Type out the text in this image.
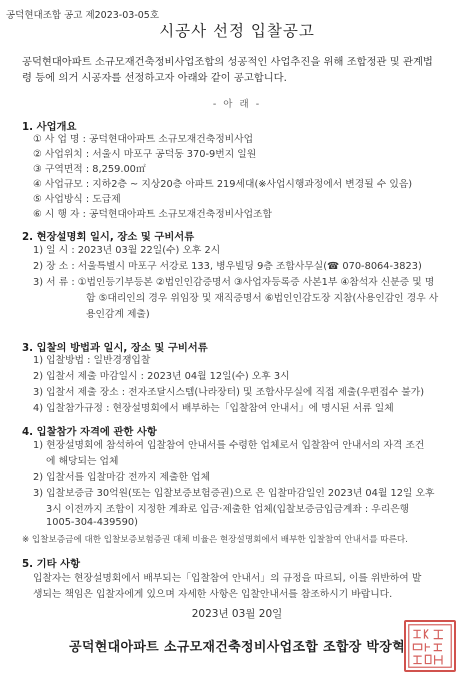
공덕현대조합 공고 제2023-03-05호
시공사 선정 입찰공고
공덕현대아파트 소규모재건축정비사업조합의 성공적인 사업추진을 위해 조합정관 및 관계법
령 등에 의거 시공자를 선정하고자 아래와 같이 공고합니다.
- 아 래 -
1. 사업개요
① 사 업 명 : 공덕현대아파트 소규모재건축정비사업
② 사업위치 : 서울시 마포구 공덕동 370-9번지 일원
③ 구역면적 : 8,259.00㎡
④ 사업규모 : 지하2층 ~ 지상20층 아파트 219세대(※사업시행과정에서 변경될 수 있음)
⑤ 사업방식 : 도급제
⑥ 시 행 자 : 공덕현대아파트 소규모재건축정비사업조합
2. 현장설명회 일시, 장소 및 구비서류
1) 일 시 : 2023년 03월 22일(수) 오후 2시
2) 장 소 : 서울특별시 마포구 서강로 133, 병우빌딩 9층 조합사무실(☎ 070-8064-3823)
3) 서 류 : ①법인등기부등본 ②법인인감증명서 ③사업자등록증 사본1부 ④참석자 신분증 및 명
함 ⑤대리인의 경우 위임장 및 재직증명서 ⑥법인인감도장 지참(사용인감인 경우 사
용인감계 제출)
3. 입찰의 방법과 일시, 장소 및 구비서류
1) 입찰방법 : 일반경쟁입찰
2) 입찰서 제출 마감일시 : 2023년 04월 12일(수) 오후 3시
3) 입찰서 제출 장소 : 전자조달시스템(나라장터) 및 조합사무실에 직접 제출(우편접수 불가)
4) 입찰참가규정 : 현장설명회에서 배부하는「입찰참여 안내서」에 명시된 서류 일체
4. 입찰참가 자격에 관한 사항
1) 현장설명회에 참석하여 입찰참여 안내서를 수령한 업체로서 입찰참여 안내서의 자격 조건
에 해당되는 업체
2) 입찰서를 입찰마감 전까지 제출한 업체
3) 입찰보증금 30억원(또는 입찰보증보험증권)으로 은 입찰마감일인 2023년 04월 12일 오후
3시 이전까지 조합이 지정한 계좌로 입금·제출한 업체(입찰보증금입금계좌 : 우리은행
1005-304-439590)
※ 입찰보증금에 대한 입찰보증보험증권 대체 비율은 현장설명회에서 배부한 입찰참여 안내서를 따른다.
5. 기타 사항
입찰자는 현장설명회에서 배부되는「입찰참여 안내서」의 규정을 따르되, 이를 위반하여 발
생되는 책임은 입찰자에게 있으며 자세한 사항은 입찰안내서를 참조하시기 바랍니다.
2023년 03월 20일
공덕현대아파트 소규모재건축정비사업조합 조합장 박장혁
